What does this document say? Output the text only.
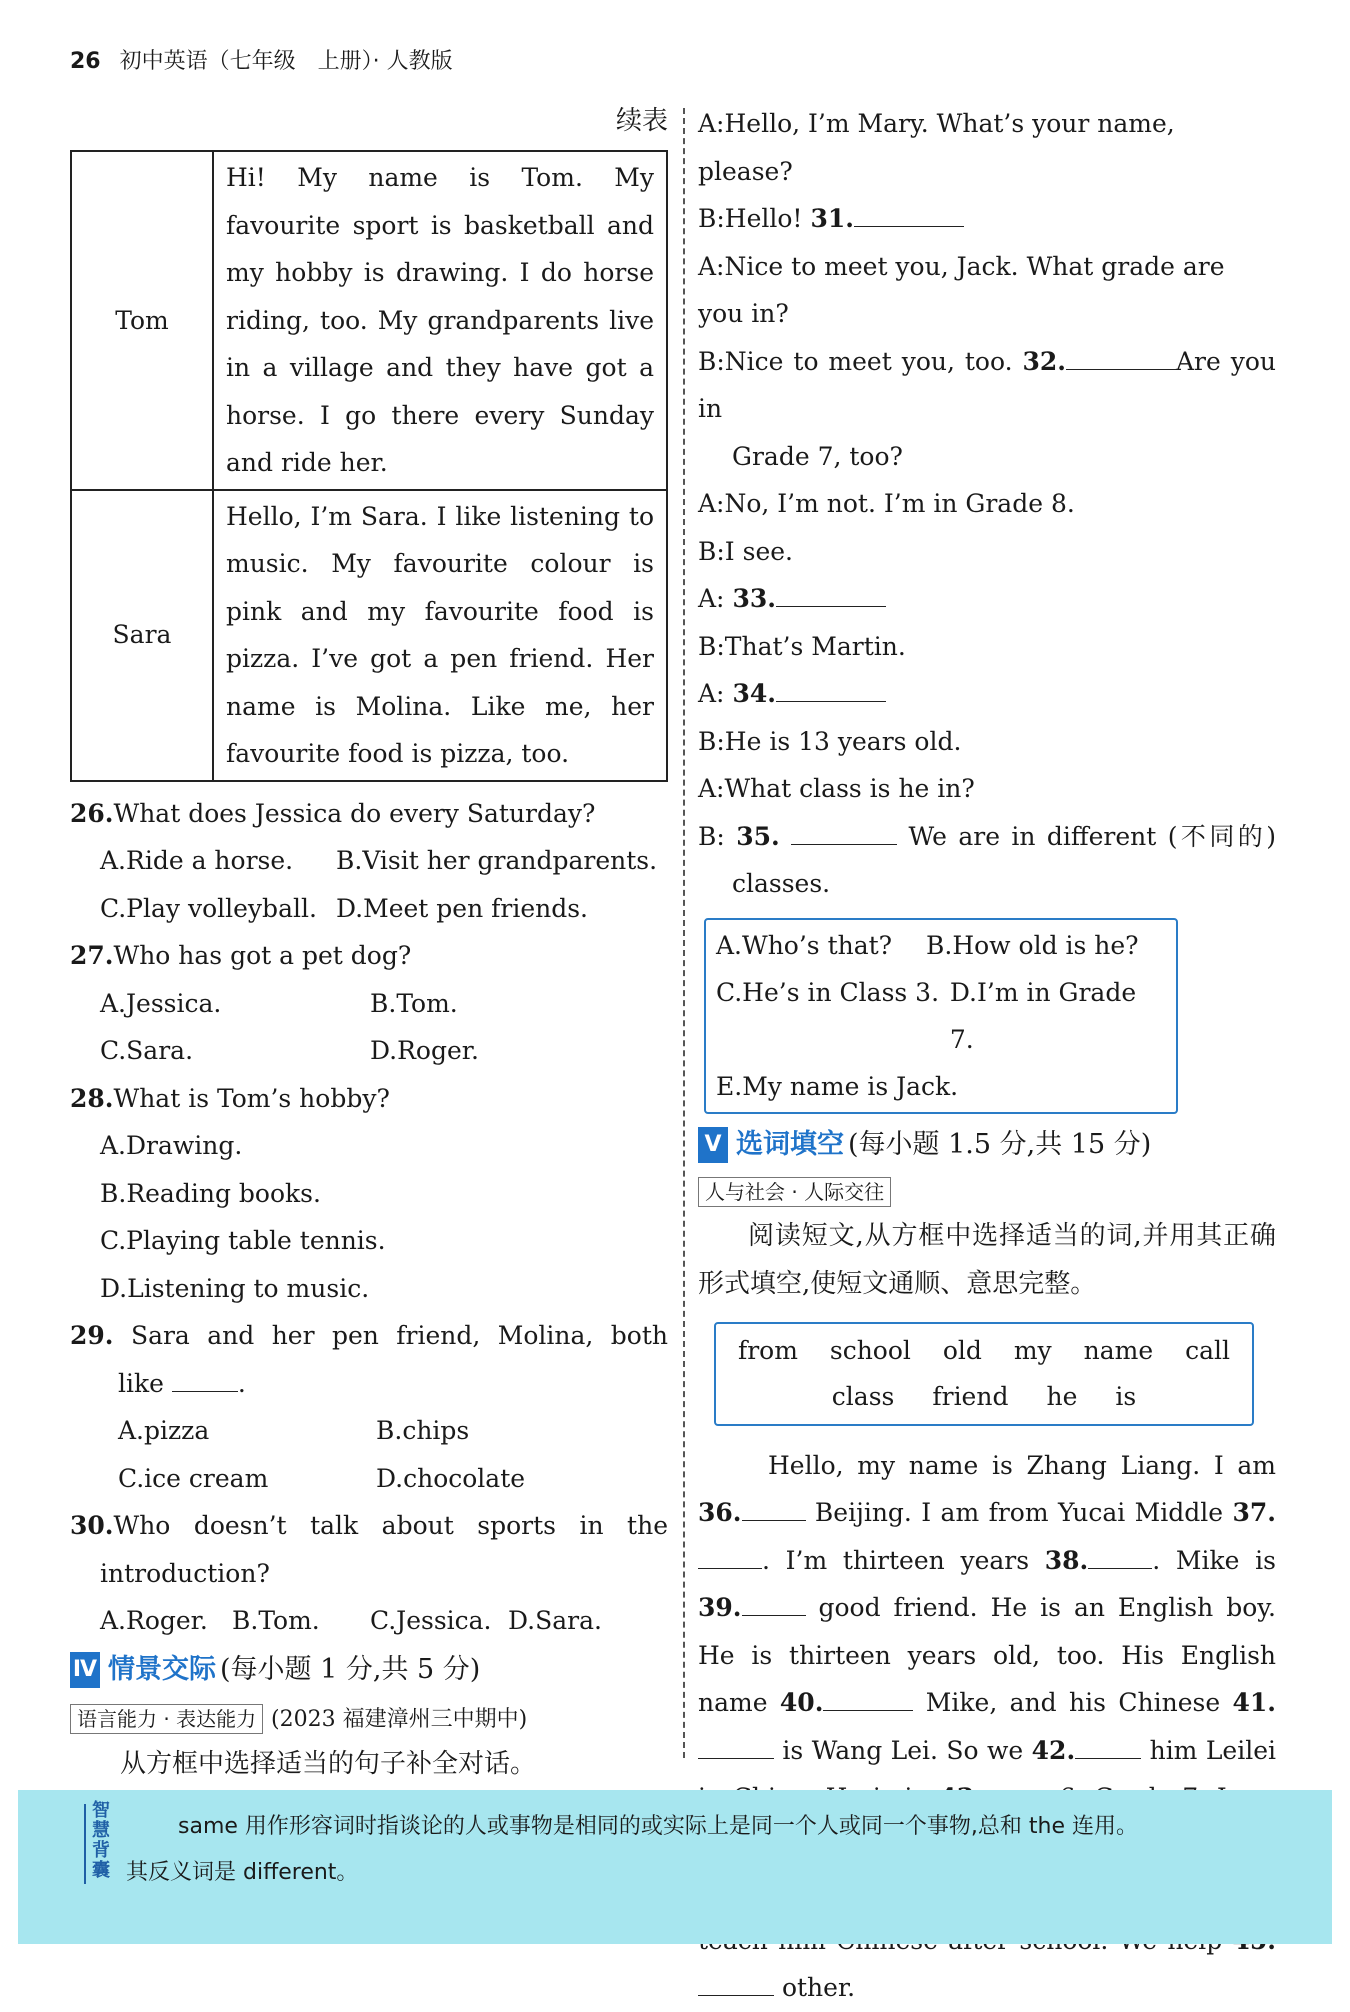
26 初中英语（七年级　上册）· 人教版
续表
Tom	Hi! My name is Tom. My favourite sport is basketball and my hobby is drawing. I do horse riding, too. My grandparents live in a village and they have got a horse. I go there every Sunday and ride her.
Sara	Hello, I’m Sara. I like listening to music. My favourite colour is pink and my favourite food is pizza. I’ve got a pen friend. Her name is Molina. Like me, her favourite food is pizza, too.
26.What does Jessica do every Saturday?
A.Ride a horse.	B.Visit her grandparents.
C.Play volleyball. D.Meet pen friends.
27.Who has got a pet dog?
A.Jessica.	B.Tom.
C.Sara.	D.Roger.
28.What is Tom’s hobby?
A.Drawing.
B.Reading books.
C.Playing table tennis.
D.Listening to music.
29. Sara and her pen friend, Molina, both
like	.
A.pizza	B.chips
C.ice cream	D.chocolate
30.Who doesn’t talk about sports in the
introduction?
A.Roger. B.Tom.	C.Jessica. D.Sara.
Ⅳ 情景交际 (每小题 1 分,共 5 分)
语言能力 · 表达能力 (2023 福建漳州三中期中)
从方框中选择适当的句子补全对话。
A:Hello, I’m Mary. What’s your name, please?
B:Hello! 31.
A:Nice to meet you, Jack. What grade are you in?
B:Nice to meet you, too. 32.	Are you in
Grade 7, too?
A:No, I’m not. I’m in Grade 8.
B:I see.
A: 33.
B:That’s Martin.
A: 34.
B:He is 13 years old.
A:What class is he in?
B: 35.	We are in different (不同的)
classes.
A.Who’s that?	B.How old is he?
C.He’s in Class 3. D.I’m in Grade 7.
E.My name is Jack.
Ⅴ 选词填空 (每小题 1.5 分,共 15 分)
人与社会 · 人际交往
阅读短文,从方框中选择适当的词,并用其正确形式填空,使短文通顺、意思完整。
from school old my name call
class friend he is
Hello, my name is Zhang Liang. I am 36.	Beijing. I am from Yucai Middle 37.. I’m thirteen years 38.	. Mike is 39.	good friend. He is an English boy. He is thirteen years old, too. His English name 40.	Mike, and his Chinese 41. is Wang Lei. So we 42.	him Leilei  other.
智慧背囊	same 用作形容词时指谈论的人或事物是相同的或实际上是同一个人或同一个事物,总和 the 连用。

其反义词是 different。
